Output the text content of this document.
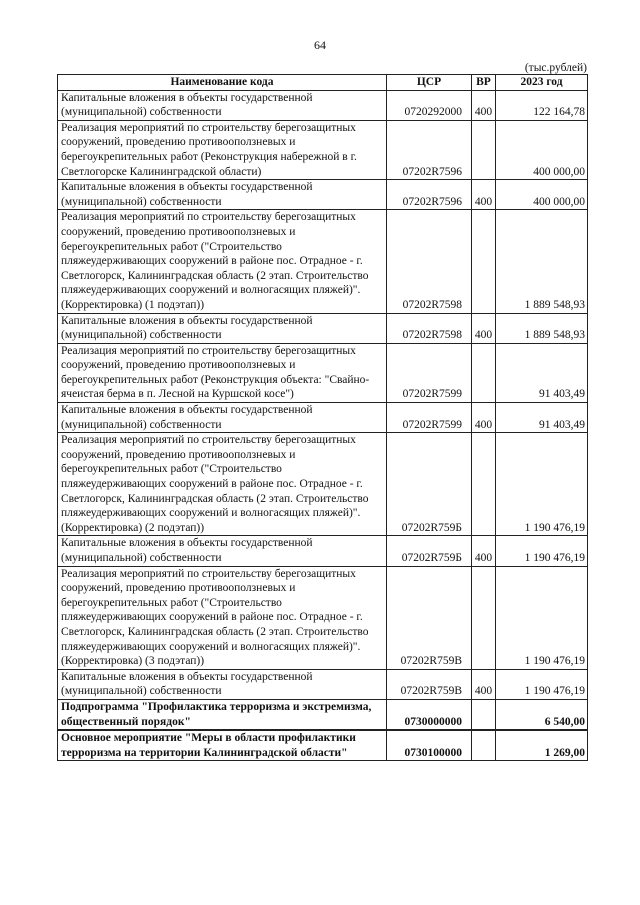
64
(тыс.рублей)
Наименование кода	ЦСР	ВР	2023 год
Капитальные вложения в объекты государственной (муниципальной) собственности	0720292000	400	122 164,78
Реализация мероприятий по строительству берегозащитных сооружений, проведению противооползневых и берегоукрепительных работ (Реконструкция набережной в г. Светлогорске Калининградской области)	07202R7596		400 000,00
Капитальные вложения в объекты государственной (муниципальной) собственности	07202R7596	400	400 000,00
Реализация мероприятий по строительству берегозащитных сооружений, проведению противооползневых и берегоукрепительных работ ("Строительство пляжеудерживающих сооружений в районе пос. Отрадное - г. Светлогорск, Калининградская область (2 этап. Строительство пляжеудерживающих сооружений и волногасящих пляжей)". (Корректировка) (1 подэтап))	07202R7598		1 889 548,93
Капитальные вложения в объекты государственной (муниципальной) собственности	07202R7598	400	1 889 548,93
Реализация мероприятий по строительству берегозащитных сооружений, проведению противооползневых и берегоукрепительных работ (Реконструкция объекта: "Свайно-ячеистая берма в п. Лесной на Куршской косе")	07202R7599		91 403,49
Капитальные вложения в объекты государственной (муниципальной) собственности	07202R7599	400	91 403,49
Реализация мероприятий по строительству берегозащитных сооружений, проведению противооползневых и берегоукрепительных работ ("Строительство пляжеудерживающих сооружений в районе пос. Отрадное - г. Светлогорск, Калининградская область (2 этап. Строительство пляжеудерживающих сооружений и волногасящих пляжей)". (Корректировка) (2 подэтап))	07202R759Б		1 190 476,19
Капитальные вложения в объекты государственной (муниципальной) собственности	07202R759Б	400	1 190 476,19
Реализация мероприятий по строительству берегозащитных сооружений, проведению противооползневых и берегоукрепительных работ ("Строительство пляжеудерживающих сооружений в районе пос. Отрадное - г. Светлогорск, Калининградская область (2 этап. Строительство пляжеудерживающих сооружений и волногасящих пляжей)". (Корректировка) (3 подэтап))	07202R759В		1 190 476,19
Капитальные вложения в объекты государственной (муниципальной) собственности	07202R759В	400	1 190 476,19
Подпрограмма "Профилактика терроризма и экстремизма, общественный порядок"	0730000000		6 540,00
Основное мероприятие "Меры в области профилактики терроризма на территории Калининградской области"	0730100000		1 269,00
